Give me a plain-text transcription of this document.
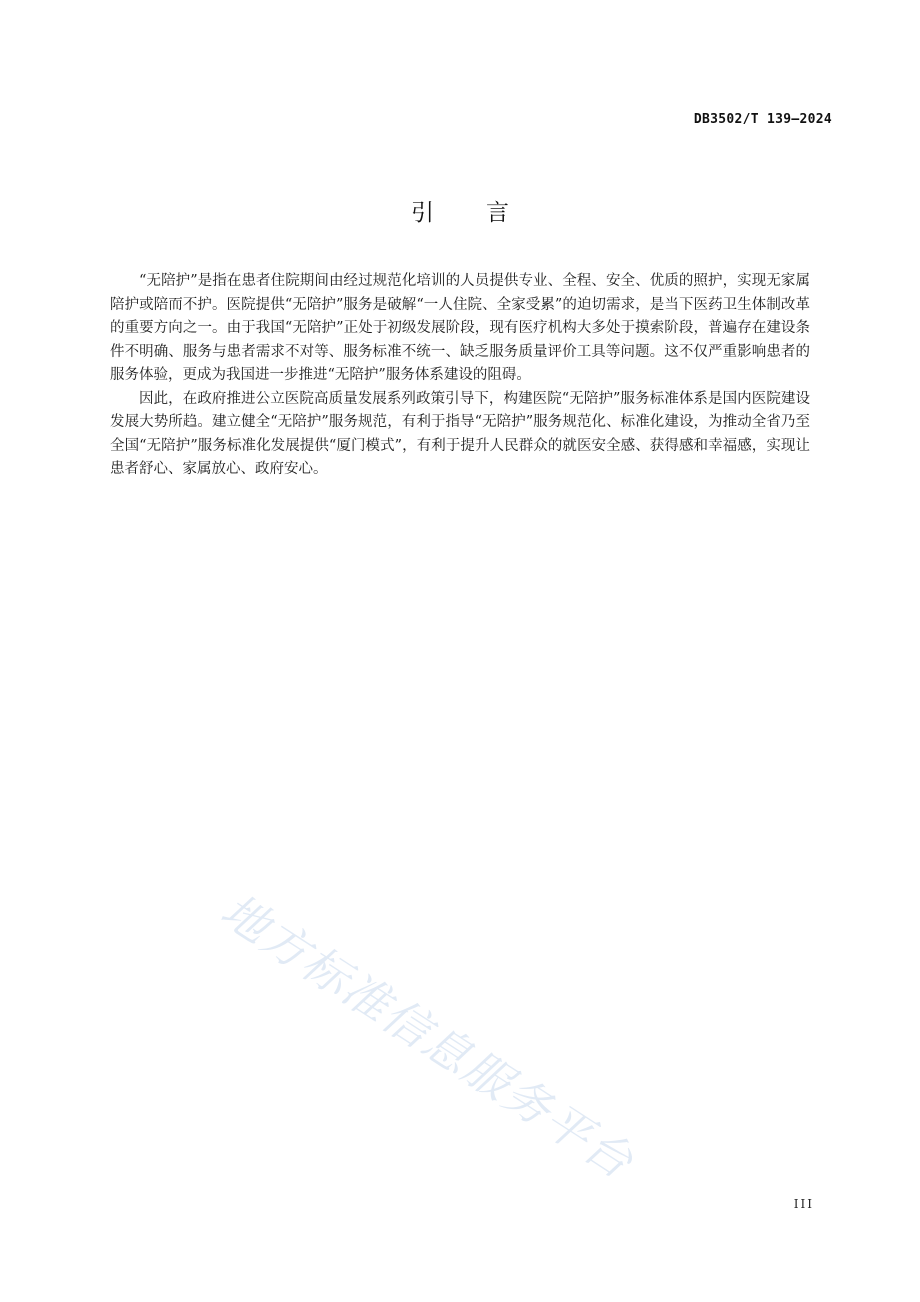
DB3502/T 139—2024
引言

“无陪护”是指在患者住院期间由经过规范化培训的人员提供专业、全程、安全、优质的照护，实现无家属陪护或陪而不护。医院提供“无陪护”服务是破解“一人住院、全家受累”的迫切需求，是当下医药卫生体制改革的重要方向之一。由于我国“无陪护”正处于初级发展阶段，现有医疗机构大多处于摸索阶段，普遍存在建设条件不明确、服务与患者需求不对等、服务标准不统一、缺乏服务质量评价工具等问题。这不仅严重影响患者的服务体验，更成为我国进一步推进“无陪护”服务体系建设的阻碍。

因此，在政府推进公立医院高质量发展系列政策引导下，构建医院“无陪护”服务标准体系是国内医院建设发展大势所趋。建立健全“无陪护”服务规范，有利于指导“无陪护”服务规范化、标准化建设，为推动全省乃至全国“无陪护”服务标准化发展提供“厦门模式”，有利于提升人民群众的就医安全感、获得感和幸福感，实现让患者舒心、家属放心、政府安心。

地方标准信息服务平台
III
